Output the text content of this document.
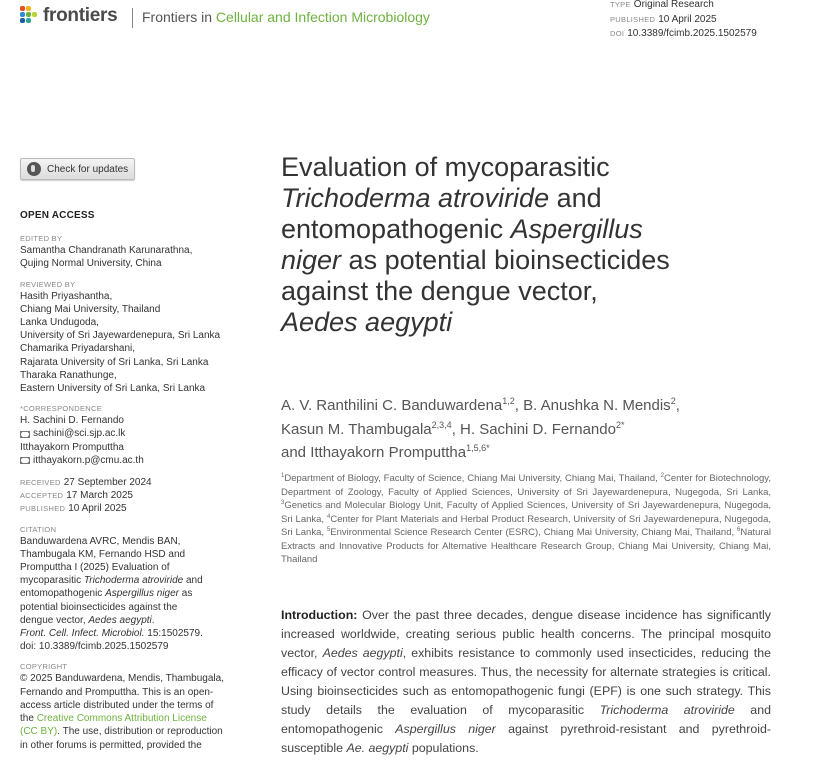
frontiers Frontiers in Cellular and Infection Microbiology
TYPE Original Research
PUBLISHED 10 April 2025
DOI 10.3389/fcimb.2025.1502579
Check for updates
OPEN ACCESS
EDITED BY
Samantha Chandranath Karunarathna,
Qujing Normal University, China
REVIEWED BY
Hasith Priyashantha,
Chiang Mai University, Thailand
Lanka Undugoda,
University of Sri Jayewardenepura, Sri Lanka
Chamarika Priyadarshani,
Rajarata University of Sri Lanka, Sri Lanka
Tharaka Ranathunge,
Eastern University of Sri Lanka, Sri Lanka
*CORRESPONDENCE
H. Sachini D. Fernando
sachini@sci.sjp.ac.lk
Itthayakorn Promputtha
itthayakorn.p@cmu.ac.th
RECEIVED 27 September 2024
ACCEPTED 17 March 2025
PUBLISHED 10 April 2025
CITATION
Banduwardena AVRC, Mendis BAN,
Thambugala KM, Fernando HSD and
Promputtha I (2025) Evaluation of
mycoparasitic Trichoderma atroviride and
entomopathogenic Aspergillus niger as
potential bioinsecticides against the
dengue vector, Aedes aegypti.
Front. Cell. Infect. Microbiol. 15:1502579.
doi: 10.3389/fcimb.2025.1502579
COPYRIGHT
© 2025 Banduwardena, Mendis, Thambugala,
Fernando and Promputtha. This is an open-
access article distributed under the terms of
the Creative Commons Attribution License
(CC BY). The use, distribution or reproduction
in other forums is permitted, provided the
Evaluation of mycoparasitic
Trichoderma atroviride and
entomopathogenic Aspergillus
niger as potential bioinsecticides
against the dengue vector,
Aedes aegypti
A. V. Ranthilini C. Banduwardena$^{1,2}$, B. Anushka N. Mendis$^2$,
Kasun M. Thambugala$^{2,3,4}$, H. Sachini D. Fernando$^{2*}$
and Itthayakorn Promputtha$^{1,5,6*}$
$^1$Department of Biology, Faculty of Science, Chiang Mai University, Chiang Mai, Thailand, $^2$Center for Biotechnology, Department of Zoology, Faculty of Applied Sciences, University of Sri Jayewardenepura, Nugegoda, Sri Lanka, $^3$Genetics and Molecular Biology Unit, Faculty of Applied Sciences, University of Sri Jayewardenepura, Nugegoda, Sri Lanka, $^4$Center for Plant Materials and Herbal Product Research, University of Sri Jayewardenepura, Nugegoda, Sri Lanka, $^5$Environmental Science Research Center (ESRC), Chiang Mai University, Chiang Mai, Thailand, $^6$Natural Extracts and Innovative Products for Alternative Healthcare Research Group, Chiang Mai University, Chiang Mai, Thailand
Introduction: Over the past three decades, dengue disease incidence has significantly increased worldwide, creating serious public health concerns. The principal mosquito vector, Aedes aegypti, exhibits resistance to commonly used insecticides, reducing the efficacy of vector control measures. Thus, the necessity for alternate strategies is critical. Using bioinsecticides such as entomopathogenic fungi (EPF) is one such strategy. This study details the evaluation of mycoparasitic Trichoderma atroviride and entomopathogenic Aspergillus niger against pyrethroid-resistant and pyrethroid-susceptible Ae. aegypti populations.
